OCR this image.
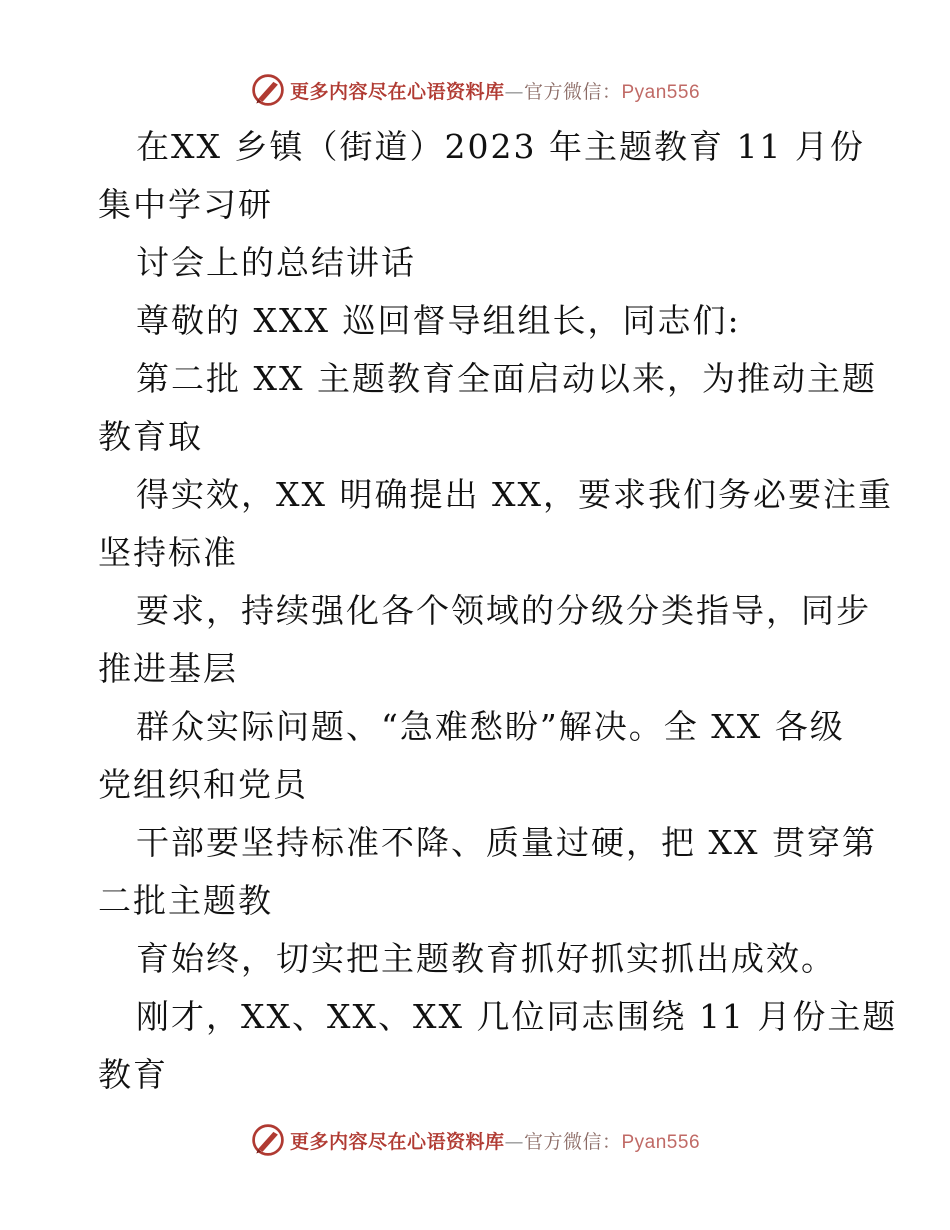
更多内容尽在心语资料库—官方微信：Pyan556
在XX 乡镇（街道）2023 年主题教育 11 月份
集中学习研
讨会上的总结讲话
尊敬的 XXX 巡回督导组组长，同志们:
第二批 XX 主题教育全面启动以来，为推动主题
教育取
得实效，XX 明确提出 XX，要求我们务必要注重
坚持标准
要求，持续强化各个领域的分级分类指导，同步
推进基层
群众实际问题、“急难愁盼”解决。全 XX 各级
党组织和党员
干部要坚持标准不降、质量过硬，把 XX 贯穿第
二批主题教
育始终，切实把主题教育抓好抓实抓出成效。
刚才，XX、XX、XX 几位同志围绕 11 月份主题
教育
更多内容尽在心语资料库—官方微信：Pyan556
